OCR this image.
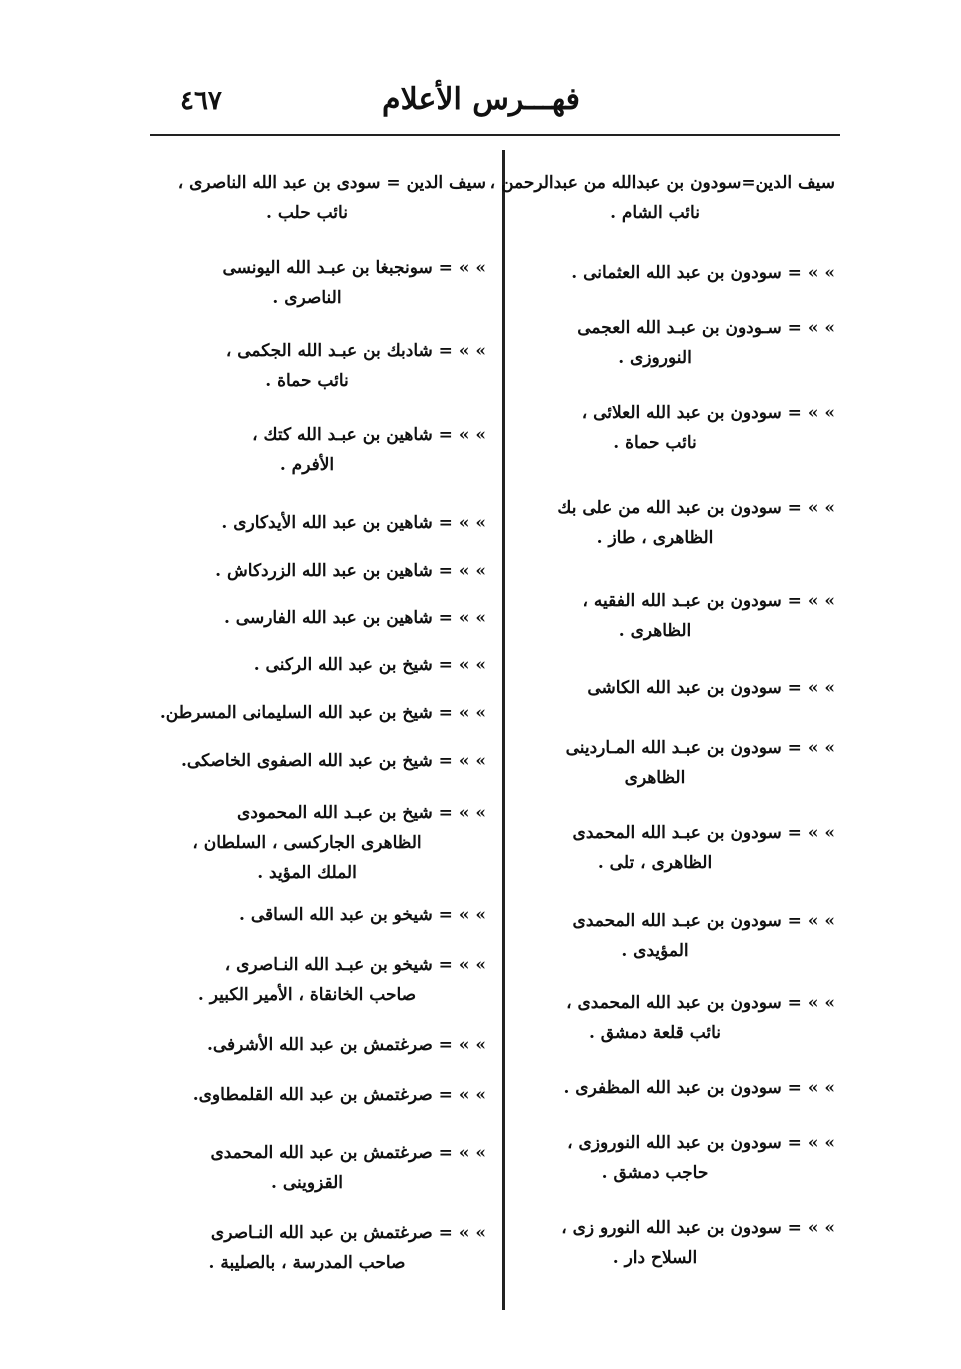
فهـــرس الأعلام
٤٦٧
سيف الدين=سودون بن عبدالله من عبدالرحمن ،
نائب الشام .
» » = سودون بن عبد الله العثمانى .
» » = سـودون بن عبـد الله العجمى
النوروزى .
» » = سودون بن عبد الله العلائى ،
نائب حماة .
» » = سودون بن عبد الله من على بك
الظاهرى ، طاز .
» » = سودون بن عبـد الله الفقيه ،
الظاهرى .
» » = سودون بن عبد الله الكاشى
» » = سودون بن عبـد الله المـاردينى
الظاهرى
» » = سودون بن عبـد الله المحمدى
الظاهرى ، تلى .
» » = سودون بن عبـد الله المحمدى
المؤيدى .
» » = سودون بن عبد الله المحمدى ،
نائب قلعة دمشق .
» » = سودون بن عبد الله المظفرى .
» » = سودون بن عبد الله النوروزى ،
حاجب دمشق .
» » = سودون بن عبد الله النورو زى ،
السلاح دار .
سيف الدين = سودى بن عبد الله الناصرى ،
نائب حلب .
» » = سونجبغا بن عبـد الله اليونسى
الناصرى .
» » = شادبك بن عبـد الله الجكمى ،
نائب حماة .
» » = شاهين بن عبـد الله كتك ،
الأفرم .
» » = شاهين بن عبد الله الأيدكارى .
» » = شاهين بن عبد الله الزردكاش .
» » = شاهين بن عبد الله الفارسى .
» » = شيخ بن عبد الله الركنى .
» » = شيخ بن عبد الله السليمانى المسرطن.
» » = شيخ بن عبد الله الصفوى الخاصكى.
» » = شيخ بن عبـد الله المحمودى
الظاهرى الجاركسى ، السلطان ،
الملك المؤيد .
» » = شيخو بن عبد الله الساقى .
» » = شيخو بن عبـد الله النـاصرى ،
صاحب الخانقاة ، الأمير الكبير .
» » = صرغتمش بن عبد الله الأشرفى.
» » = صرغتمش بن عبد الله القلمطاوى.
» » = صرغتمش بن عبد الله المحمدى
القزوينى .
» » = صرغتمش بن عبد الله النـاصرى
صاحب المدرسة ، بالصليبة .
